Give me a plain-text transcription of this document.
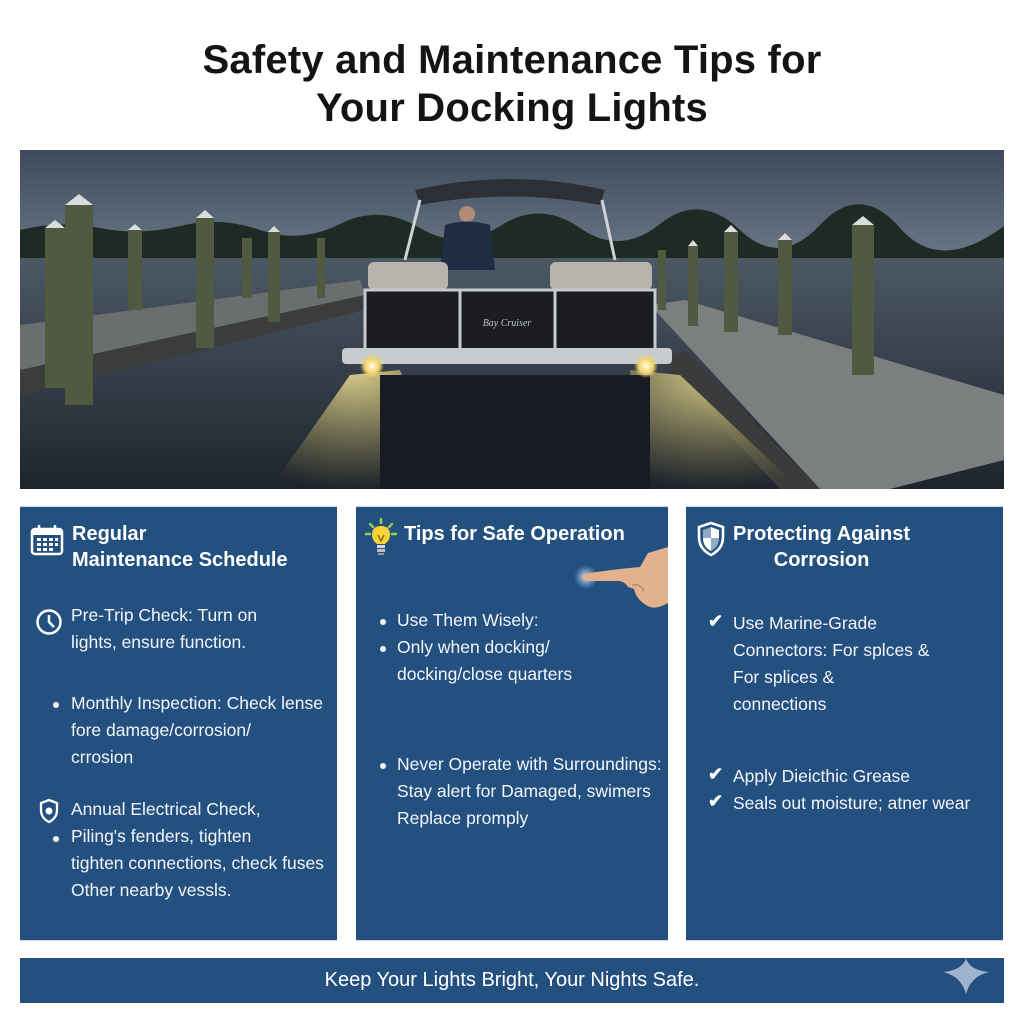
Safety and Maintenance Tips for
Your Docking Lights
Bay Cruiser
Regular
Maintenance Schedule
Pre-Trip Check: Turn on
lights, ensure function.
Monthly Inspection: Check lense
fore damage/corrosion/
crrosion
Annual Electrical Check,
Piling's fenders, tighten
tighten connections, check fuses
Other nearby vessls.
Tips for Safe Operation
Use Them Wisely:
Only when docking/
docking/close quarters
Never Operate with Surroundings:
Stay alert for Damaged, swimers
Replace promply
Protecting Against
Corrosion
✔ Use Marine-Grade
Connectors: For splces &
For splices &
connections
✔ Apply Dieicthic Grease
✔ Seals out moisture; atner wear
Keep Your Lights Bright, Your Nights Safe.
